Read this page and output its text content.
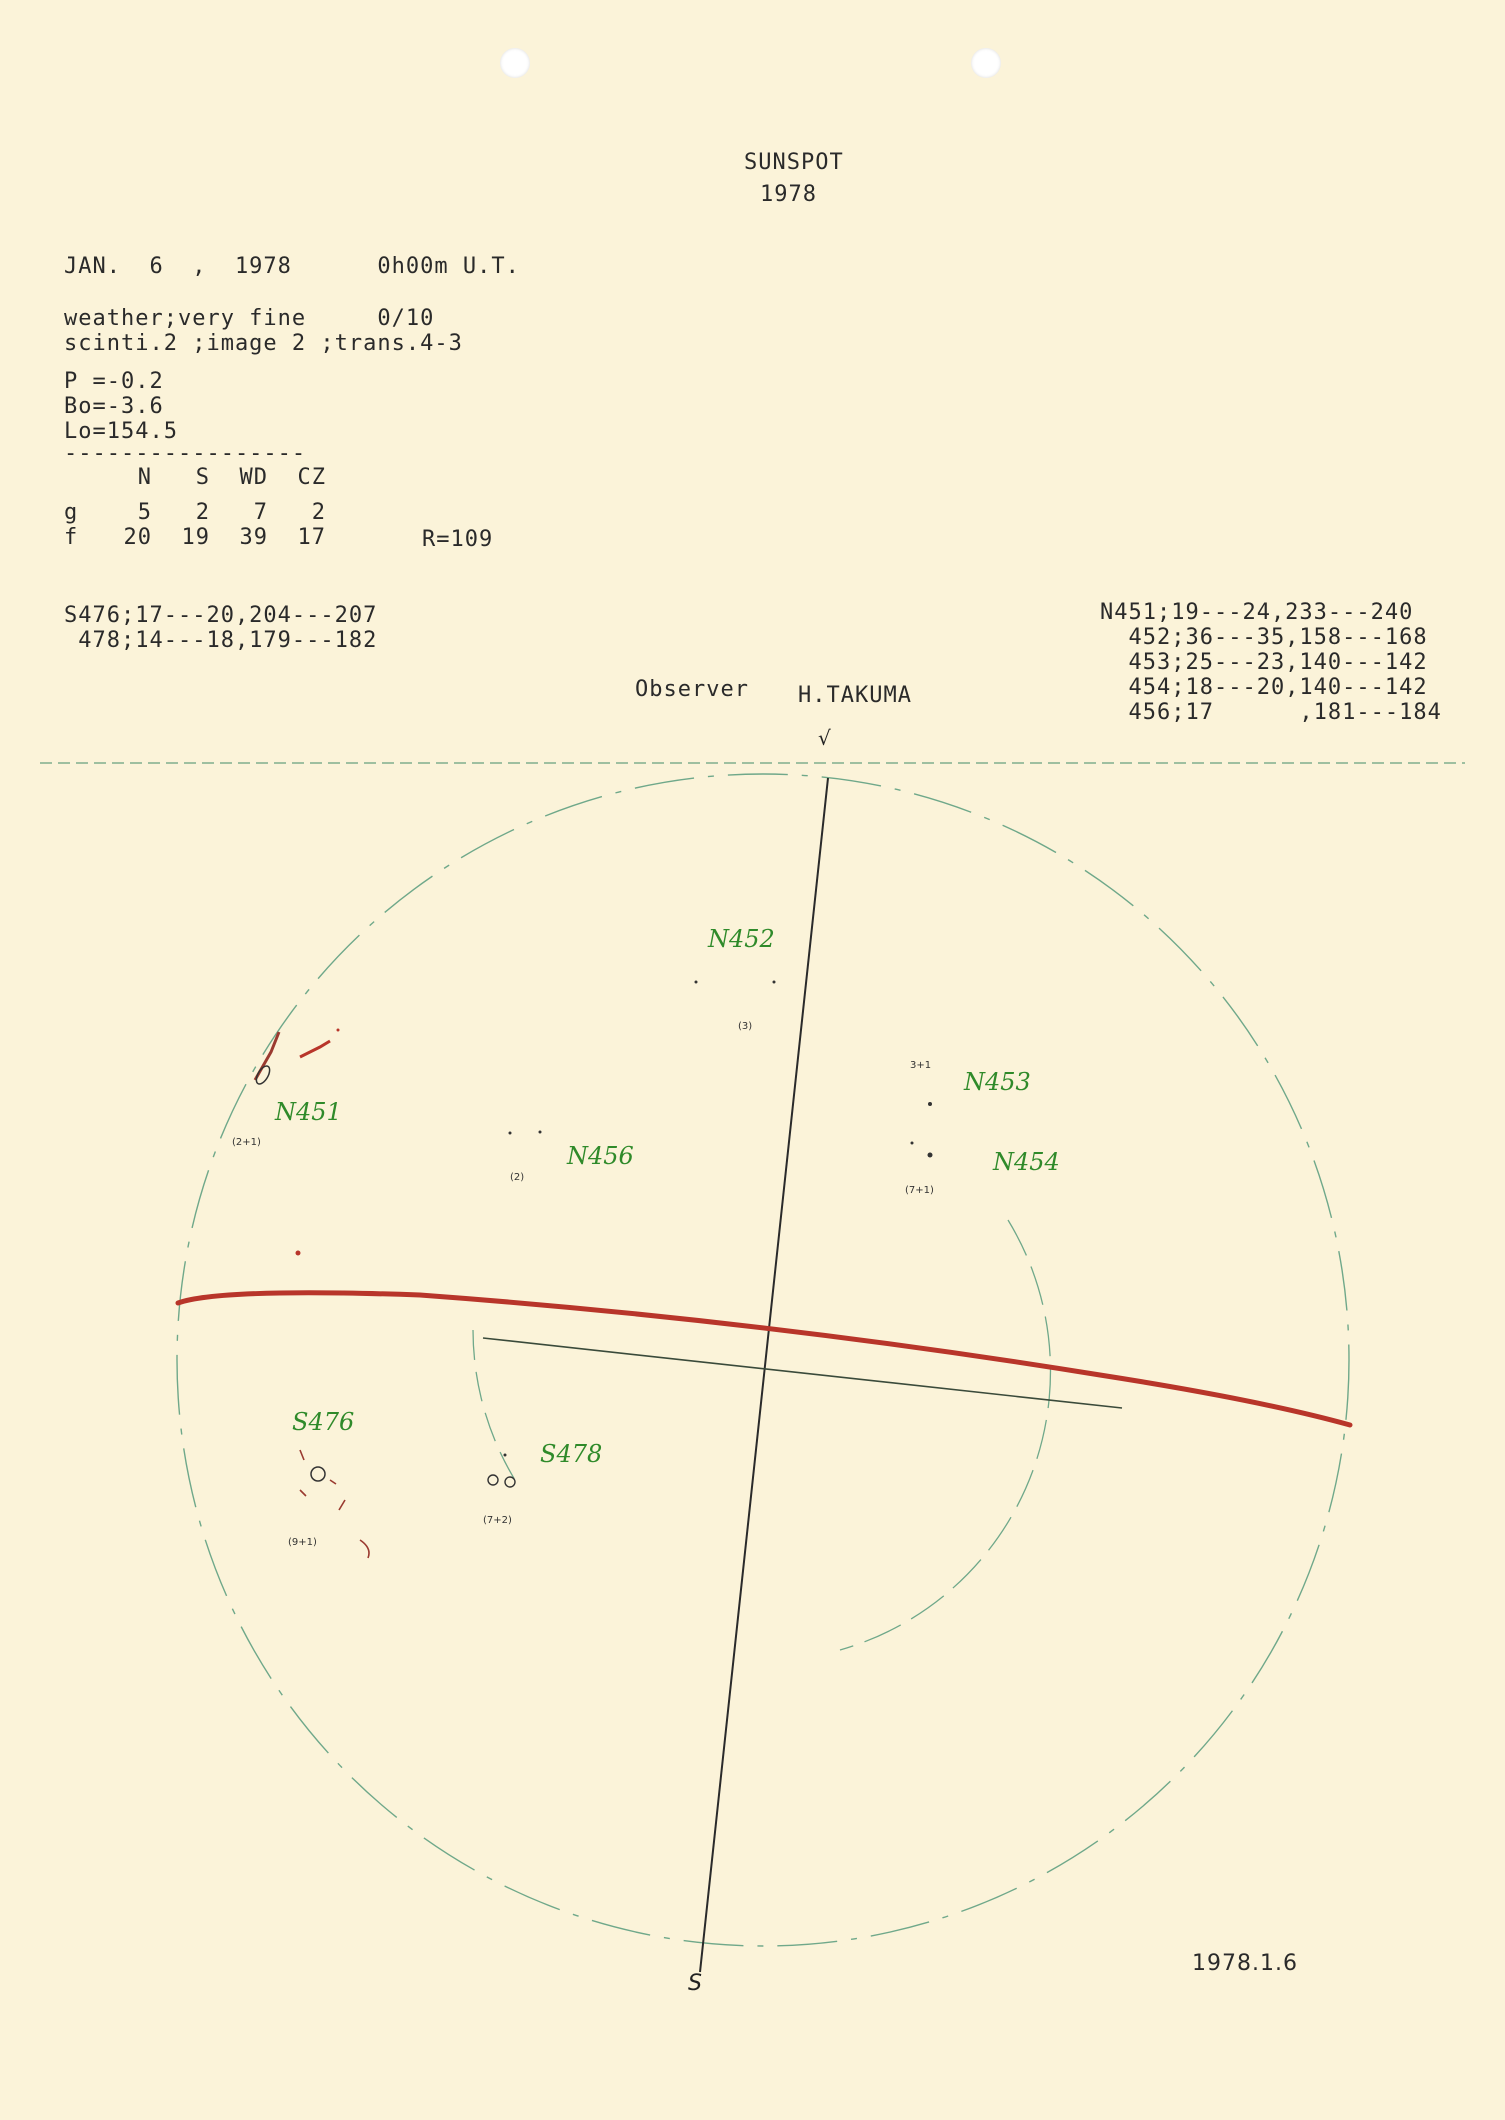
SUNSPOT
1978
JAN.  6  ,  1978      0h00m U.T.
weather;very fine     0/10
scinti.2 ;image 2 ;trans.4-3
P =-0.2
Bo=-3.6
Lo=154.5
-----------------
N	S	WD	CZ
g	5	2	7	2
f	20	19	39	17	R=109
S476;17---20,204---207
478;14---18,179---182
N451;19---24,233---240
452;36---35,158---168
453;25---23,140---142
454;18---20,140---142
456;17      ,181---184
Observer H.TAKUMA
√
S
N452
N453
N451
N456	N454
S476
S478
(3)
3+1
(2+1)
(2)
(7+1)
(9+1)
(7+2)
1978.1.6
